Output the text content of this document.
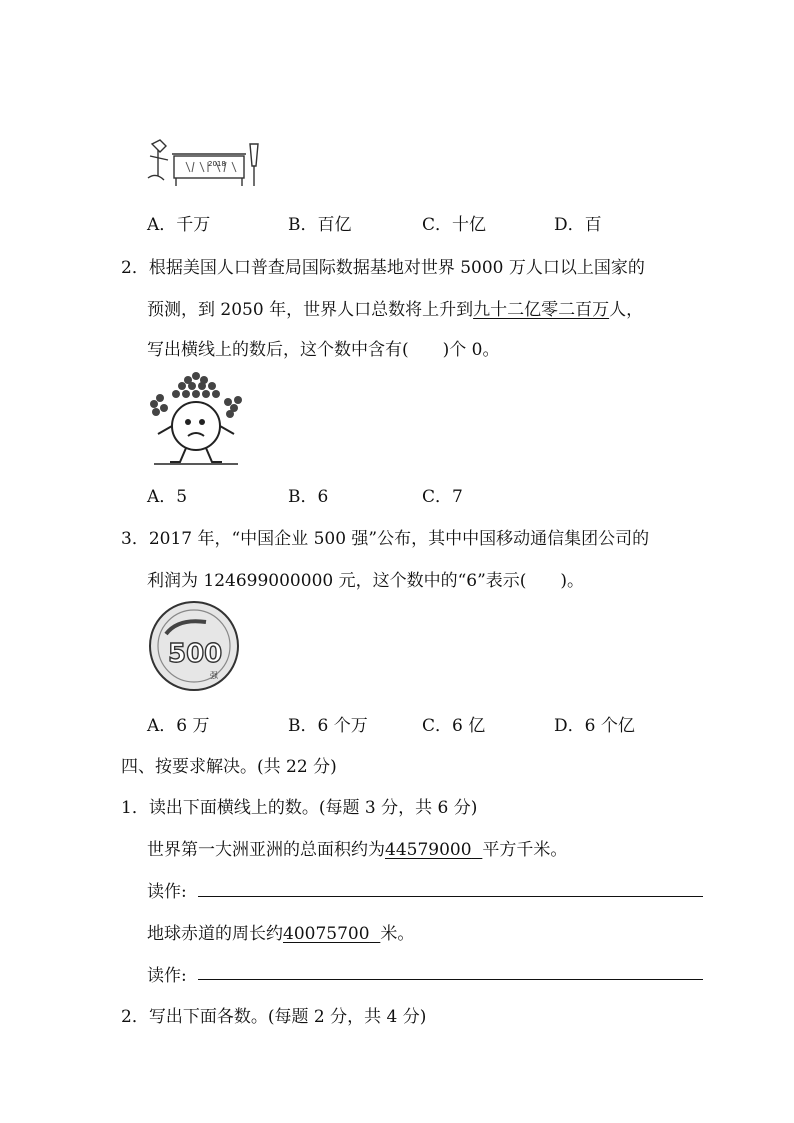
2018
A．千万	B．百亿	C．十亿	D．百
2．根据美国人口普查局国际数据基地对世界 5000 万人口以上国家的
预测，到 2050 年，世界人口总数将上升到九十二亿零二百万人，
写出横线上的数后，这个数中含有(　　)个 0。
A．5	B．6	C．7
3．2017 年，“中国企业 500 强”公布，其中中国移动通信集团公司的
利润为 124699000000 元，这个数中的“6”表示(　　)。
500
强
A．6 万	B．6 个万	C．6 亿	D．6 个亿
四、按要求解决。(共 22 分)
1．读出下面横线上的数。(每题 3 分，共 6 分)
世界第一大洲亚洲的总面积约为44579000 平方千米。
读作:
地球赤道的周长约40075700 米。
读作:
2．写出下面各数。(每题 2 分，共 4 分)
